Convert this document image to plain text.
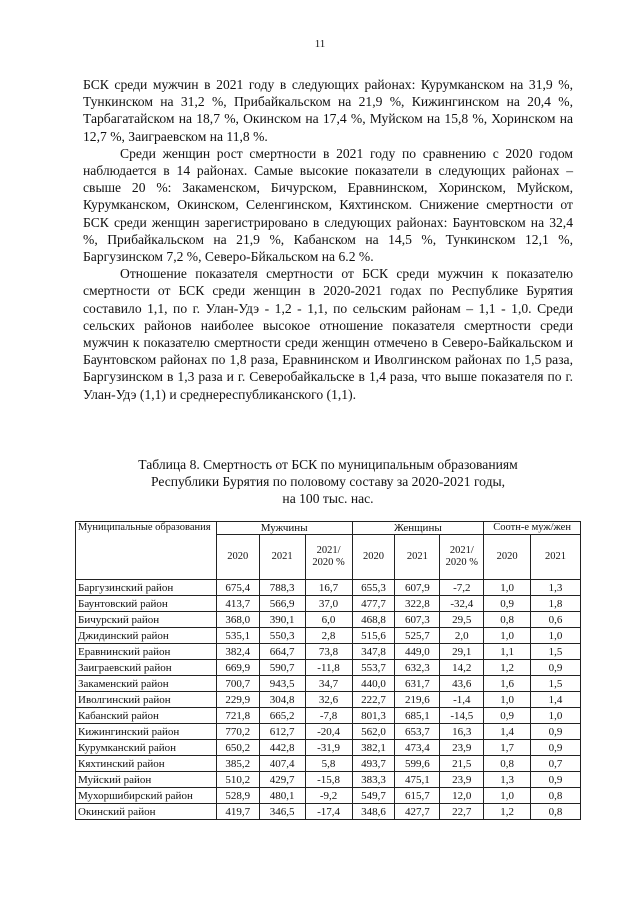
11

БСК среди мужчин в 2021 году в следующих районах: Курумканском на 31,9 %, Тункинском на 31,2 %, Прибайкальском на 21,9 %, Кижингинском на 20,4 %, Тарбагатайском на 18,7 %, Окинском на 17,4 %, Муйском на 15,8 %, Хоринском на 12,7 %, Заиграевском на 11,8 %.

Среди женщин рост смертности в 2021 году по сравнению с 2020 годом наблюдается в 14 районах. Самые высокие показатели в следующих районах – свыше 20 %: Закаменском, Бичурском, Еравнинском, Хоринском, Муйском, Курумканском, Окинском, Селенгинском, Кяхтинском. Снижение смертности от БСК среди женщин зарегистрировано в следующих районах: Баунтовском на 32,4 %, Прибайкальском на 21,9 %, Кабанском на 14,5 %, Тункинском 12,1 %, Баргузинском 7,2 %, Северо-Бйкальском на 6.2 %.

Отношение показателя смертности от БСК среди мужчин к показателю смертности от БСК среди женщин в 2020-2021 годах по Республике Бурятия составило 1,1, по г. Улан-Удэ - 1,2 - 1,1, по сельским районам – 1,1 - 1,0. Среди сельских районов наиболее высокое отношение показателя смертности среди мужчин к показателю смертности среди женщин отмечено в Северо-Байкальском и Баунтовском районах по 1,8 раза, Еравнинском и Иволгинском районах по 1,5 раза, Баргузинском в 1,3 раза и г. Северобайкальске в 1,4 раза, что выше показателя по г. Улан-Удэ (1,1) и среднереспубликанского (1,1).

Таблица 8. Смертность от БСК по муниципальным образованиям
Республики Бурятия по половому составу за 2020-2021 годы,
на 100 тыс. нас.
Муниципальные образования	Мужчины			Женщины			Соотн-е муж/жен	
	2020	2021	2021/ 2020 %	2020	2021	2021/ 2020 %	2020	2021
Баргузинский район	675,4	788,3	16,7	655,3	607,9	-7,2	1,0	1,3
Баунтовский район	413,7	566,9	37,0	477,7	322,8	-32,4	0,9	1,8
Бичурский район	368,0	390,1	6,0	468,8	607,3	29,5	0,8	0,6
Джидинский район	535,1	550,3	2,8	515,6	525,7	2,0	1,0	1,0
Еравнинский район	382,4	664,7	73,8	347,8	449,0	29,1	1,1	1,5
Заиграевский район	669,9	590,7	-11,8	553,7	632,3	14,2	1,2	0,9
Закаменский район	700,7	943,5	34,7	440,0	631,7	43,6	1,6	1,5
Иволгинский район	229,9	304,8	32,6	222,7	219,6	-1,4	1,0	1,4
Кабанский район	721,8	665,2	-7,8	801,3	685,1	-14,5	0,9	1,0
Кижингинский район	770,2	612,7	-20,4	562,0	653,7	16,3	1,4	0,9
Курумканский район	650,2	442,8	-31,9	382,1	473,4	23,9	1,7	0,9
Кяхтинский район	385,2	407,4	5,8	493,7	599,6	21,5	0,8	0,7
Муйский район	510,2	429,7	-15,8	383,3	475,1	23,9	1,3	0,9
Мухоршибирский район	528,9	480,1	-9,2	549,7	615,7	12,0	1,0	0,8
Окинский район	419,7	346,5	-17,4	348,6	427,7	22,7	1,2	0,8
